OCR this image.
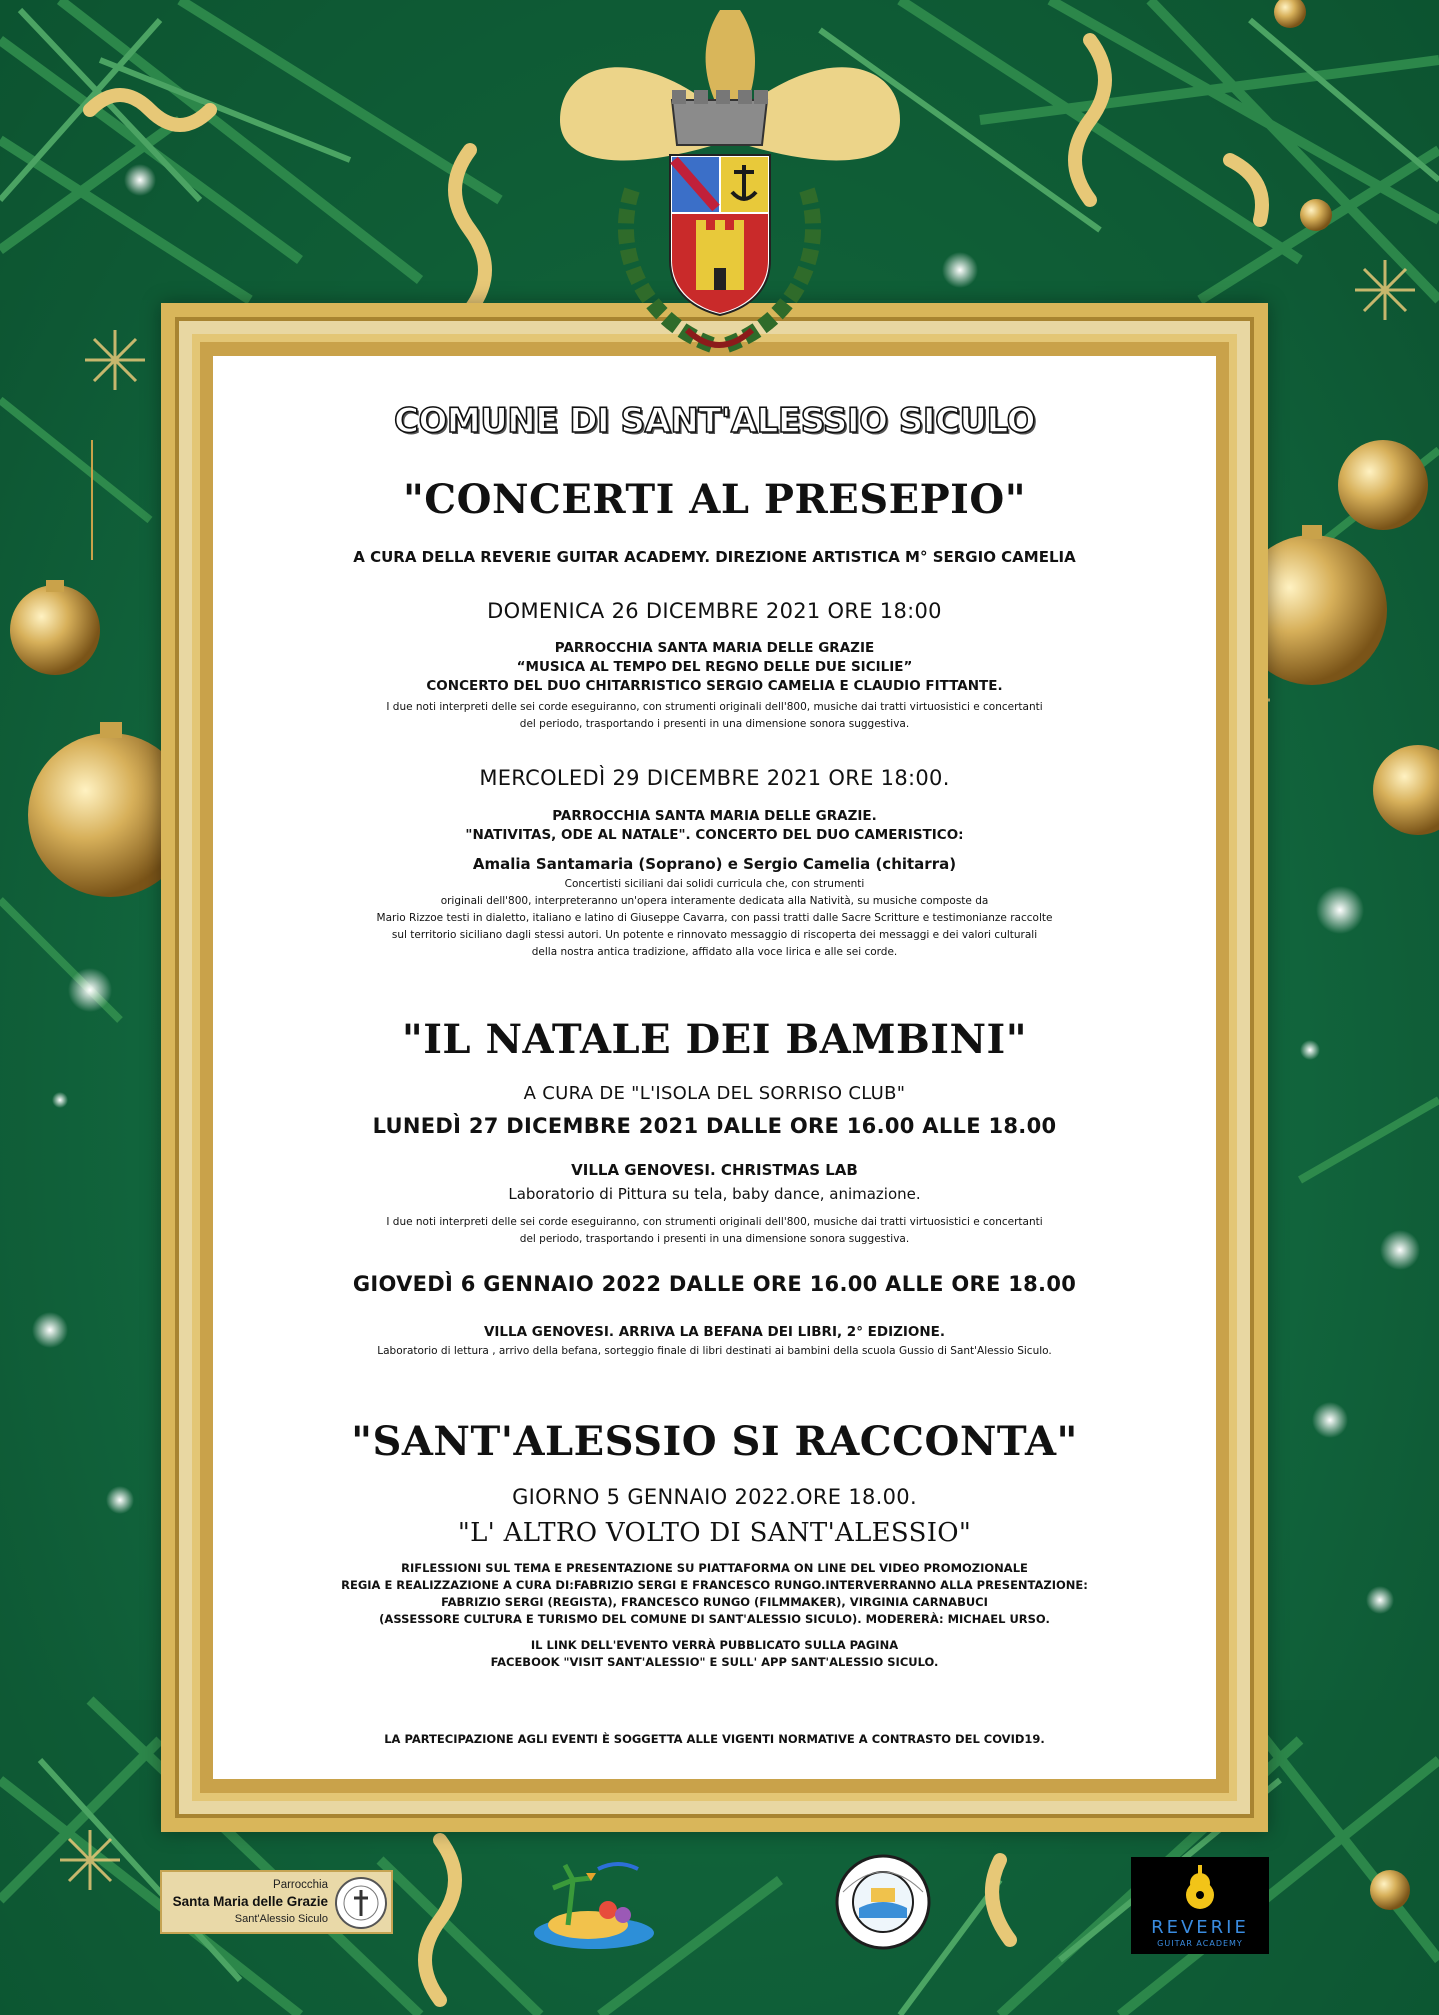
COMUNE DI SANT'ALESSIO SICULO
"CONCERTI AL PRESEPIO"
A CURA DELLA REVERIE GUITAR ACADEMY. DIREZIONE ARTISTICA M° SERGIO CAMELIA
DOMENICA 26 DICEMBRE 2021 ORE 18:00
PARROCCHIA SANTA MARIA DELLE GRAZIE
“MUSICA AL TEMPO DEL REGNO DELLE DUE SICILIE”
CONCERTO DEL DUO CHITARRISTICO SERGIO CAMELIA E CLAUDIO FITTANTE.
I due noti interpreti delle sei corde eseguiranno, con strumenti originali dell'800, musiche dai tratti virtuosistici e concertanti
del periodo, trasportando i presenti in una dimensione sonora suggestiva.
MERCOLEDÌ 29 DICEMBRE 2021 ORE 18:00.
PARROCCHIA SANTA MARIA DELLE GRAZIE.
"NATIVITAS, ODE AL NATALE". CONCERTO DEL DUO CAMERISTICO:
Amalia Santamaria (Soprano) e Sergio Camelia (chitarra)
Concertisti siciliani dai solidi curricula che, con strumenti
originali dell'800, interpreteranno un'opera interamente dedicata alla Natività, su musiche composte da
Mario Rizzoe testi in dialetto, italiano e latino di Giuseppe Cavarra, con passi tratti dalle Sacre Scritture e testimonianze raccolte
sul territorio siciliano dagli stessi autori. Un potente e rinnovato messaggio di riscoperta dei messaggi e dei valori culturali
della nostra antica tradizione, affidato alla voce lirica e alle sei corde.
"IL NATALE DEI BAMBINI"
A CURA DE "L'ISOLA DEL SORRISO CLUB"
LUNEDÌ 27 DICEMBRE 2021 DALLE ORE 16.00 ALLE 18.00
VILLA GENOVESI. CHRISTMAS LAB
Laboratorio di Pittura su tela, baby dance, animazione.
I due noti interpreti delle sei corde eseguiranno, con strumenti originali dell'800, musiche dai tratti virtuosistici e concertanti
del periodo, trasportando i presenti in una dimensione sonora suggestiva.
GIOVEDÌ 6 GENNAIO 2022 DALLE ORE 16.00 ALLE ORE 18.00
VILLA GENOVESI. ARRIVA LA BEFANA DEI LIBRI, 2° EDIZIONE.
Laboratorio di lettura , arrivo della befana, sorteggio finale di libri destinati ai bambini della scuola Gussio di Sant'Alessio Siculo.
"SANT'ALESSIO SI RACCONTA"
GIORNO 5 GENNAIO 2022.ORE 18.00.
"L' ALTRO VOLTO DI SANT'ALESSIO"
RIFLESSIONI SUL TEMA E PRESENTAZIONE SU PIATTAFORMA ON LINE DEL VIDEO PROMOZIONALE
REGIA E REALIZZAZIONE A CURA DI:FABRIZIO SERGI E FRANCESCO RUNGO.INTERVERRANNO ALLA PRESENTAZIONE:
FABRIZIO SERGI (REGISTA), FRANCESCO RUNGO (FILMMAKER), VIRGINIA CARNABUCI
(ASSESSORE CULTURA E TURISMO DEL COMUNE DI SANT'ALESSIO SICULO). MODERERÀ: MICHAEL URSO.
IL LINK DELL'EVENTO VERRÀ PUBBLICATO SULLA PAGINA
FACEBOOK "VISIT SANT'ALESSIO" E SULL' APP SANT'ALESSIO SICULO.
LA PARTECIPAZIONE AGLI EVENTI È SOGGETTA ALLE VIGENTI NORMATIVE A CONTRASTO DEL COVID19.
Parrocchia
Santa Maria delle Grazie
Sant'Alessio Siculo	REVERIE
GUITAR ACADEMY
